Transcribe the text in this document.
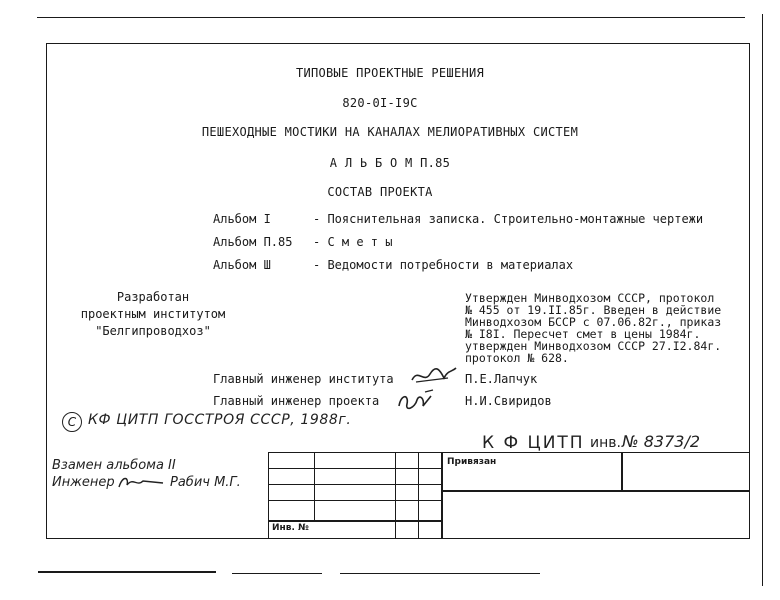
ТИПОВЫЕ ПРОЕКТНЫЕ РЕШЕНИЯ
820-0I-I9С
ПЕШЕХОДНЫЕ МОСТИКИ НА КАНАЛАХ МЕЛИОРАТИВНЫХ СИСТЕМ
А Л Ь Б О М П.85
СОСТАВ ПРОЕКТА
Альбом I	- Пояснительная записка. Строительно-монтажные чертежи
Альбом П.85 - С м е т ы
Альбом Ш	- Ведомости потребности в материалах
Разработан
проектным институтом
"Белгипроводхоз"
Утвержден Минводхозом СССР, протокол
№ 455 от 19.II.85г. Введен в действие
Минводхозом БССР с 07.06.82г., приказ
№ I8I. Пересчет смет в цены 1984г.
утвержден Минводхозом СССР 27.I2.84г.
протокол № 628.
Главный инженер института	П.Е.Лапчук
Главный инженер проекта	Н.И.Свиридов
С КФ ЦИТП ГОССТРОЯ СССР, 1988г.
К Ф ЦИТП инв. № 8373/2
Взамен альбома II
Инженер	Рабич М.Г.
Привязан
Инв. №
